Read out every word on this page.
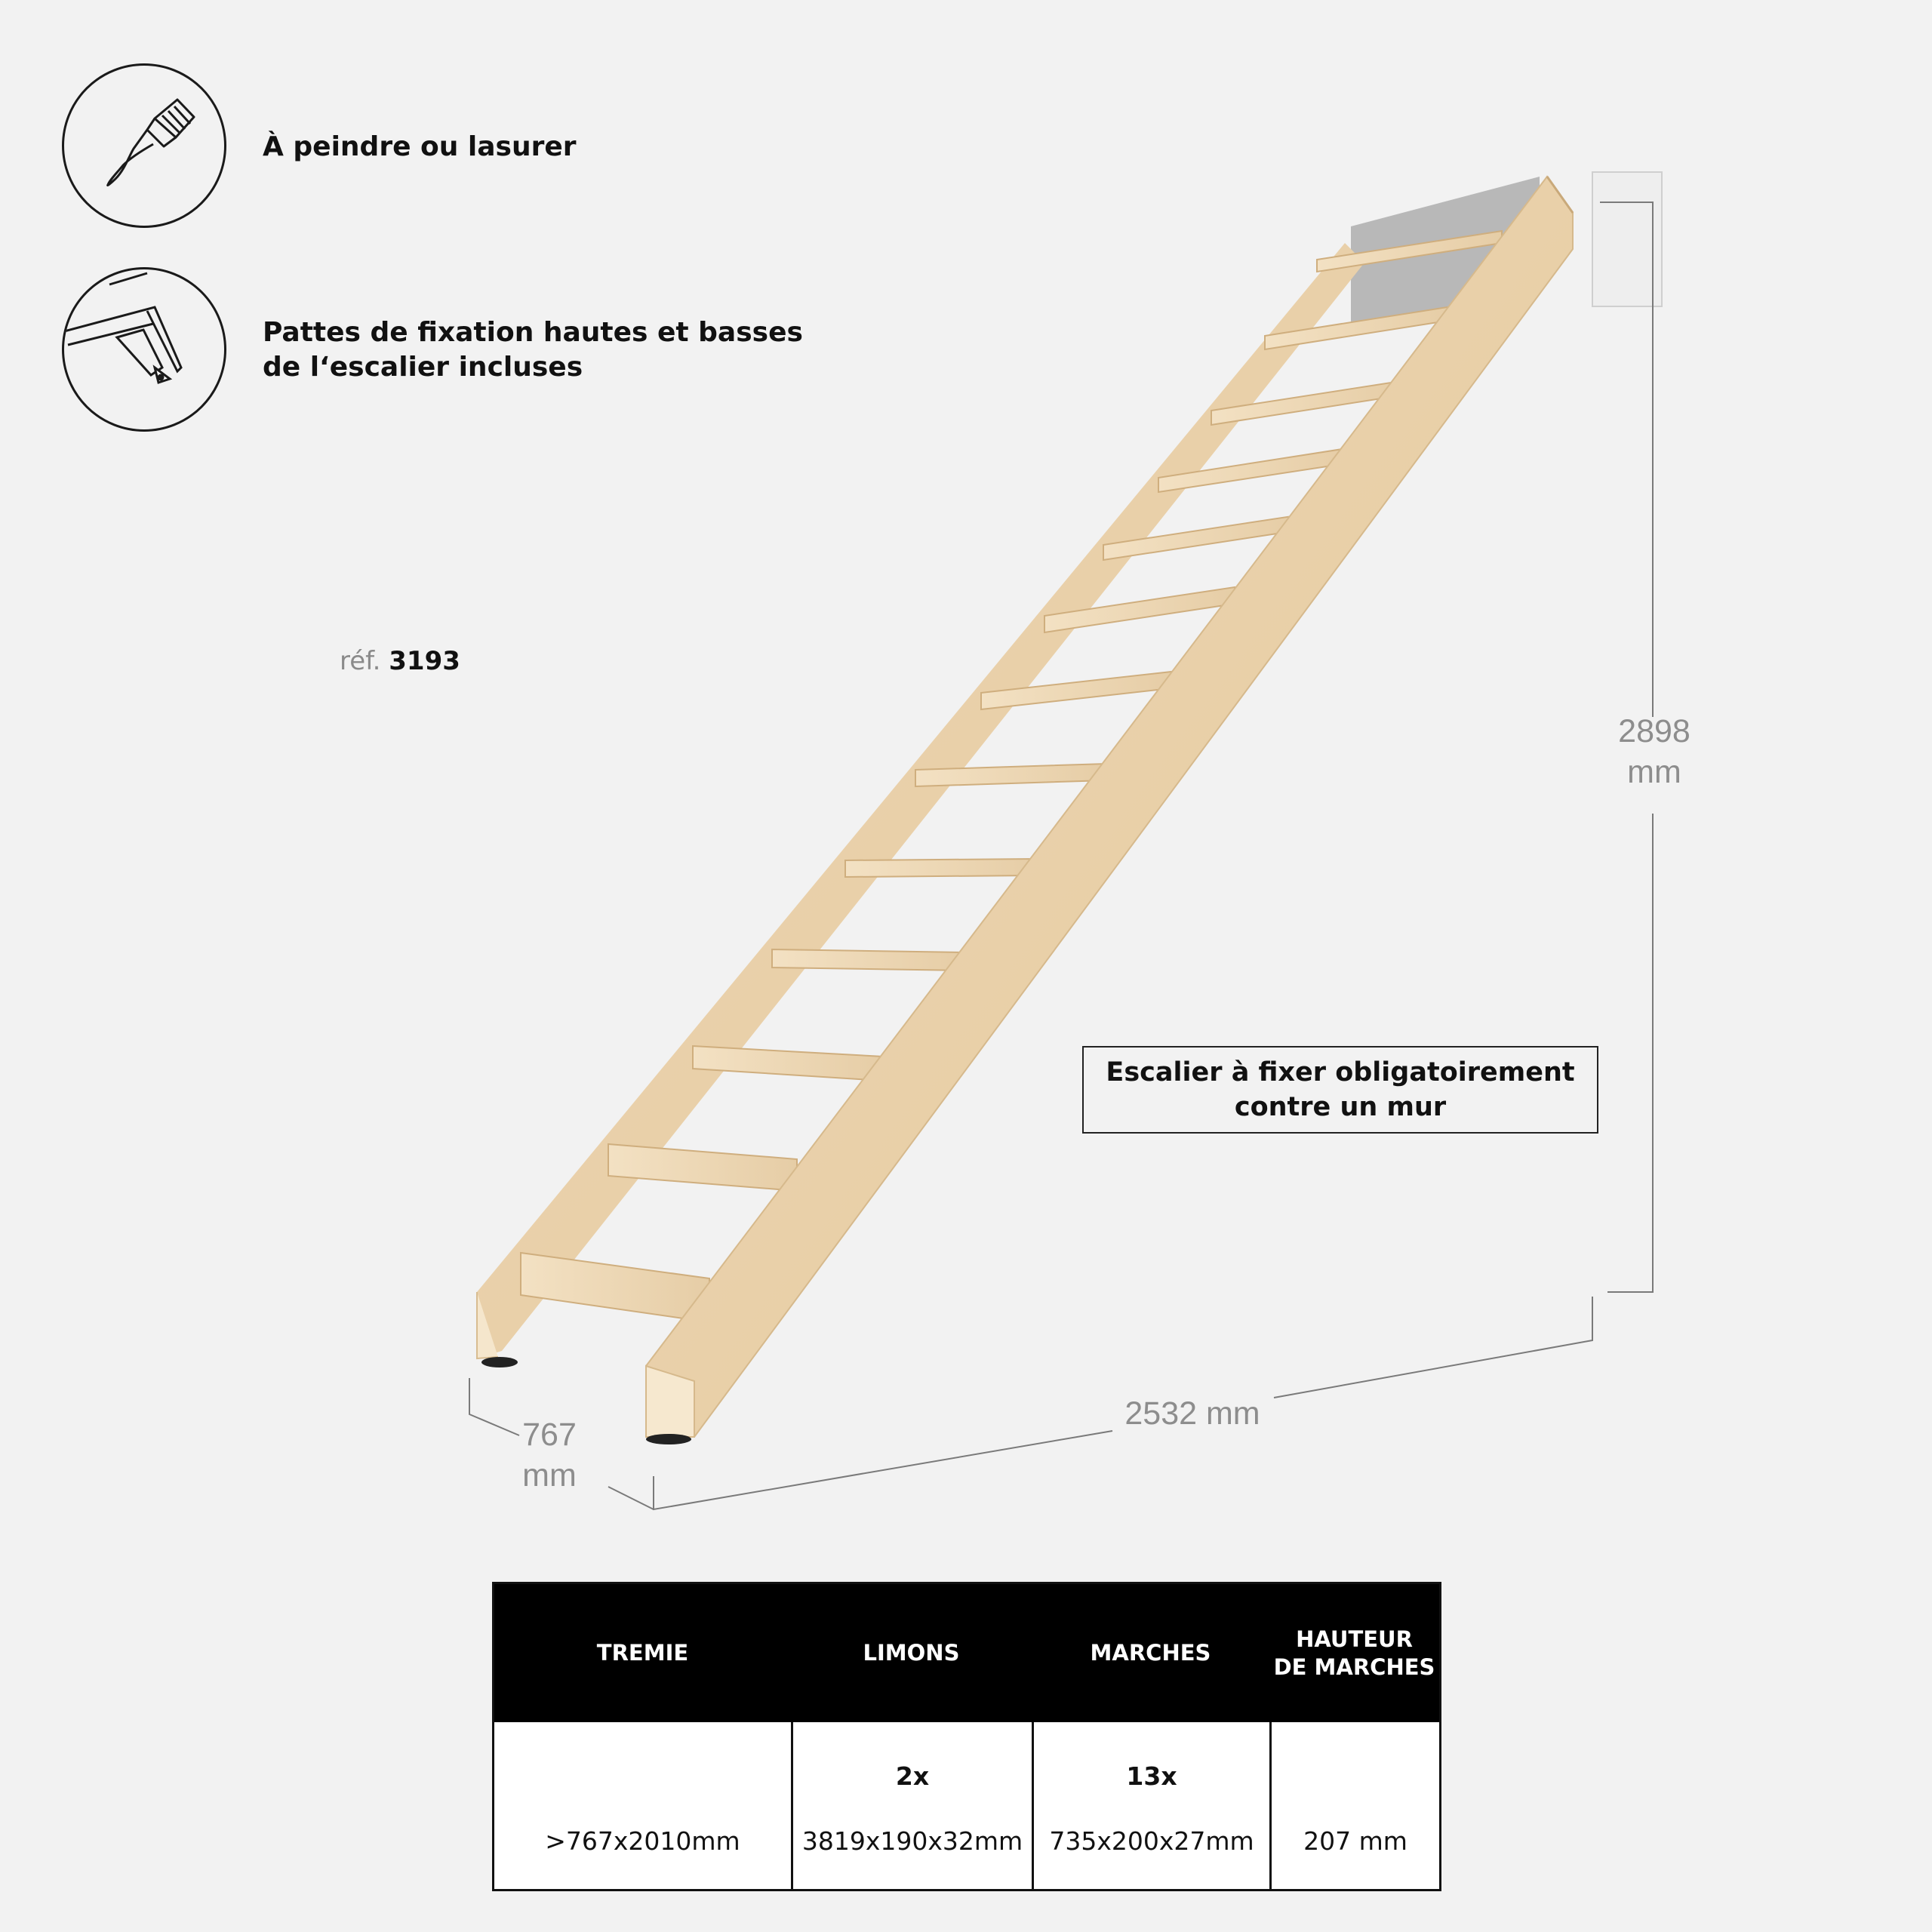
À peindre ou lasurer
Pattes de fixation hautes et basses
de l‘escalier incluses
réf. 3193
2898
mm
2532 mm
767
mm
Escalier à fixer obligatoirement
contre un mur
TREMIE	LIMONS	MARCHES
HAUTEUR
DE MARCHES
>767x2010mm
2x
3819x190x32mm
13x
735x200x27mm 207 mm
